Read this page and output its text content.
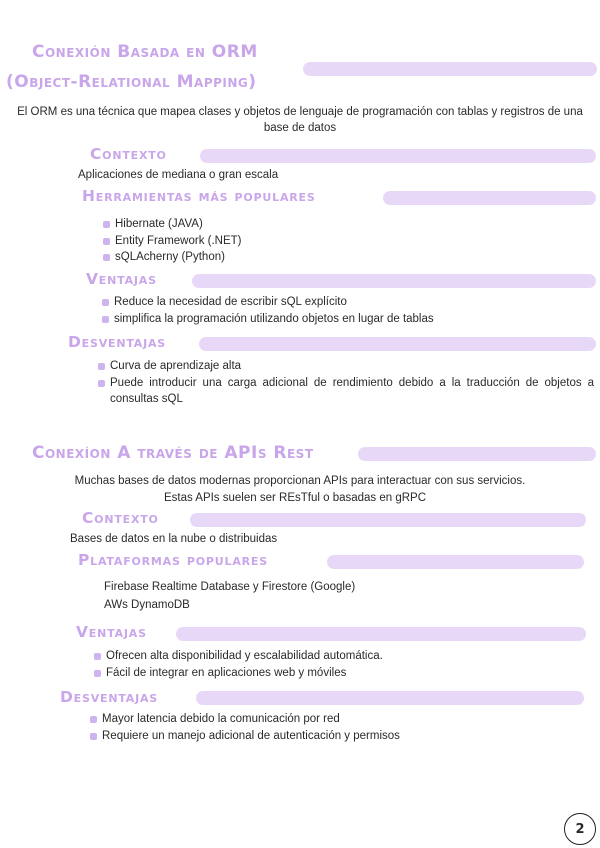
Conexión Basada en ORM
(Object-Relational Mapping)
El ORM es una técnica que mapea clases y objetos de lenguaje de programación con tablas y registros de una base de datos
Contexto
Aplicaciones de mediana o gran escala
Herramientas más populares
Hibernate (JAVA)
Entity Framework (.NET)
sQLAcherny (Python)
Ventajas
Reduce la necesidad de escribir sQL explícito
simplifica la programación utilizando objetos en lugar de tablas
Desventajas
Curva de aprendizaje alta
Puede introducir una carga adicional de rendimiento debido a la traducción de objetos a consultas sQL
Conexíon A través de APIs Rest
Muchas bases de datos modernas proporcionan APIs para interactuar con sus servicios.
Estas APIs suelen ser REsTful o basadas en gRPC
Contexto
Bases de datos en la nube o distribuidas
Plataformas populares
Firebase Realtime Database y Firestore (Google)
AWs DynamoDB
Ventajas
Ofrecen alta disponibilidad y escalabilidad automática.
Fácil de integrar en aplicaciones web y móviles
Desventajas
Mayor latencia debido la comunicación por red
Requiere un manejo adicional de autenticación y permisos
2
